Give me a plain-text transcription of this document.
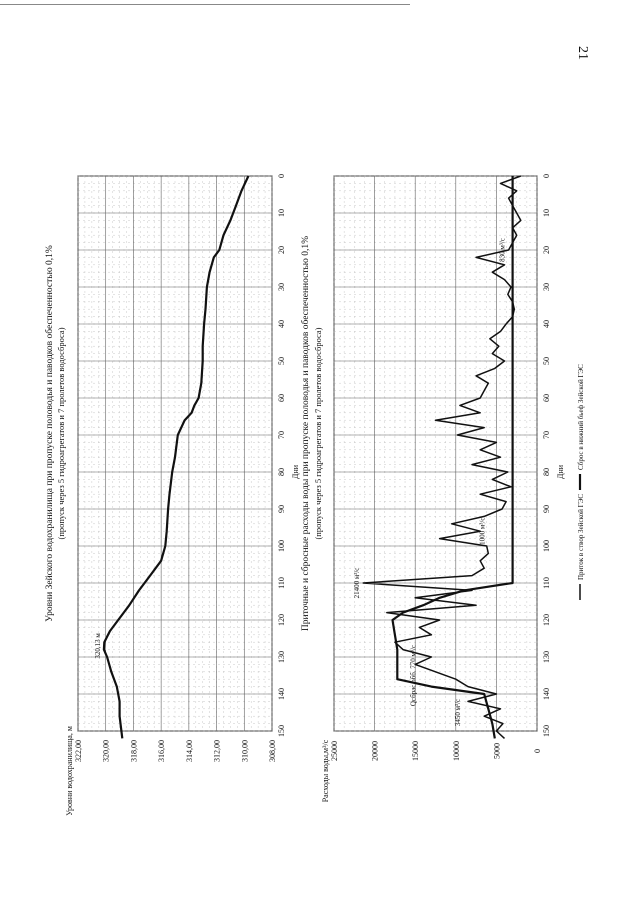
21
0
10
20
30
40
50
60
70
80
90
100
110
120
130
140
150
308,00
310,00
312,00
314,00
316,00
318,00
320,00
322,00
Уровни Зейского водохранилища при пропуске половодья и паводков обеспеченностью 0,1% (пропуск через 5 гидроагрегатов и 7 пролетов водосброса)	Дни
Уровни водохранилища, м
320,13 м
0
10
20
30
40
50
60
70
80
90
100
110
120
130
140
150
0
5000
10000
15000
20000
25000
Приточные и сбросные расходы воды при пропуске половодья и паводков обеспеченностью 0,1% (пропуск через 5 гидроагрегатов и 7 пролетов водосброса)	Дни
Расходы воды,м³/с
21400 м³/с
1000 м³/с
830 м³/с
Qсбрас.обб. 770 м³/с
3450 м³/с
Приток в створ Зейской ГЭС
Сброс в нижний бьеф Зейской ГЭС
